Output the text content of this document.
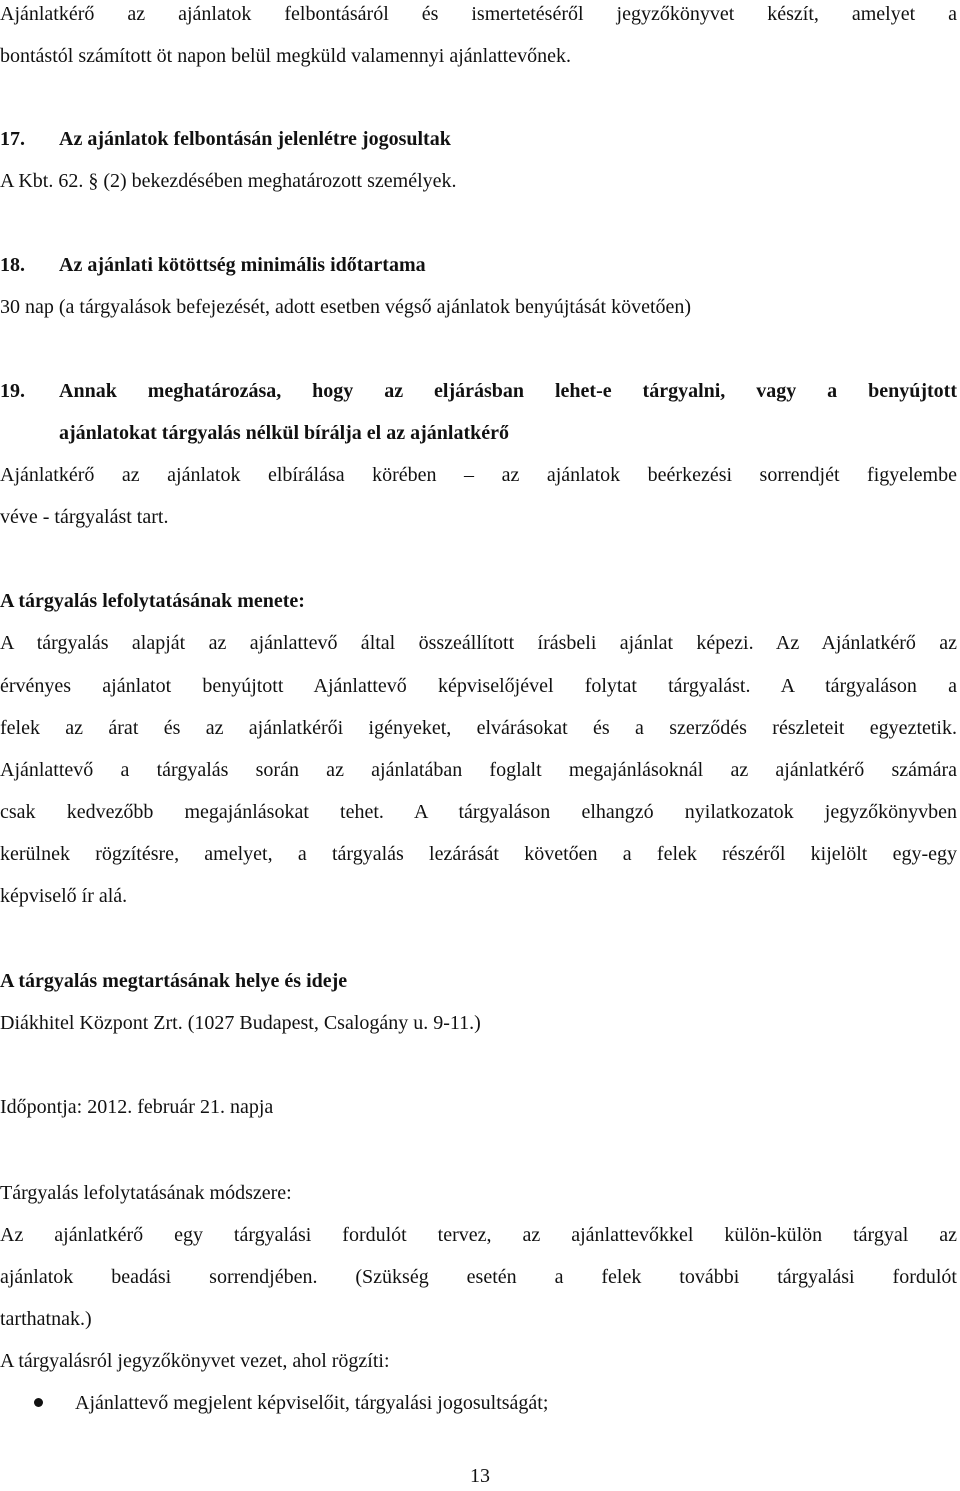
Ajánlatkérő az ajánlatok felbontásáról és ismertetéséről jegyzőkönyvet készít, amelyet a
bontástól számított öt napon belül megküld valamennyi ajánlattevőnek.
17. Az ajánlatok felbontásán jelenlétre jogosultak
A Kbt. 62. § (2) bekezdésében meghatározott személyek.
18. Az ajánlati kötöttség minimális időtartama
30 nap (a tárgyalások befejezését, adott esetben végső ajánlatok benyújtását követően)
19.	Annak meghatározása, hogy az eljárásban lehet-e tárgyalni, vagy a benyújtott
ajánlatokat tárgyalás nélkül bírálja el az ajánlatkérő
Ajánlatkérő az ajánlatok elbírálása körében – az ajánlatok beérkezési sorrendjét figyelembe
véve - tárgyalást tart.
A tárgyalás lefolytatásának menete:
A tárgyalás alapját az ajánlattevő által összeállított írásbeli ajánlat képezi. Az Ajánlatkérő az
érvényes ajánlatot benyújtott Ajánlattevő képviselőjével folytat tárgyalást. A tárgyaláson a
felek az árat és az ajánlatkérői igényeket, elvárásokat és a szerződés részleteit egyeztetik.
Ajánlattevő a tárgyalás során az ajánlatában foglalt megajánlásoknál az ajánlatkérő számára
csak kedvezőbb megajánlásokat tehet. A tárgyaláson elhangzó nyilatkozatok jegyzőkönyvben
kerülnek rögzítésre, amelyet, a tárgyalás lezárását követően a felek részéről kijelölt egy-egy
képviselő ír alá.
A tárgyalás megtartásának helye és ideje
Diákhitel Központ Zrt. (1027 Budapest, Csalogány u. 9-11.)
Időpontja: 2012. február 21. napja
Tárgyalás lefolytatásának módszere:
Az ajánlatkérő egy tárgyalási fordulót tervez, az ajánlattevőkkel külön-külön tárgyal az
ajánlatok beadási sorrendjében. (Szükség esetén a felek további tárgyalási fordulót
tarthatnak.)
A tárgyalásról jegyzőkönyvet vezet, ahol rögzíti:
Ajánlattevő megjelent képviselőit, tárgyalási jogosultságát;
13
